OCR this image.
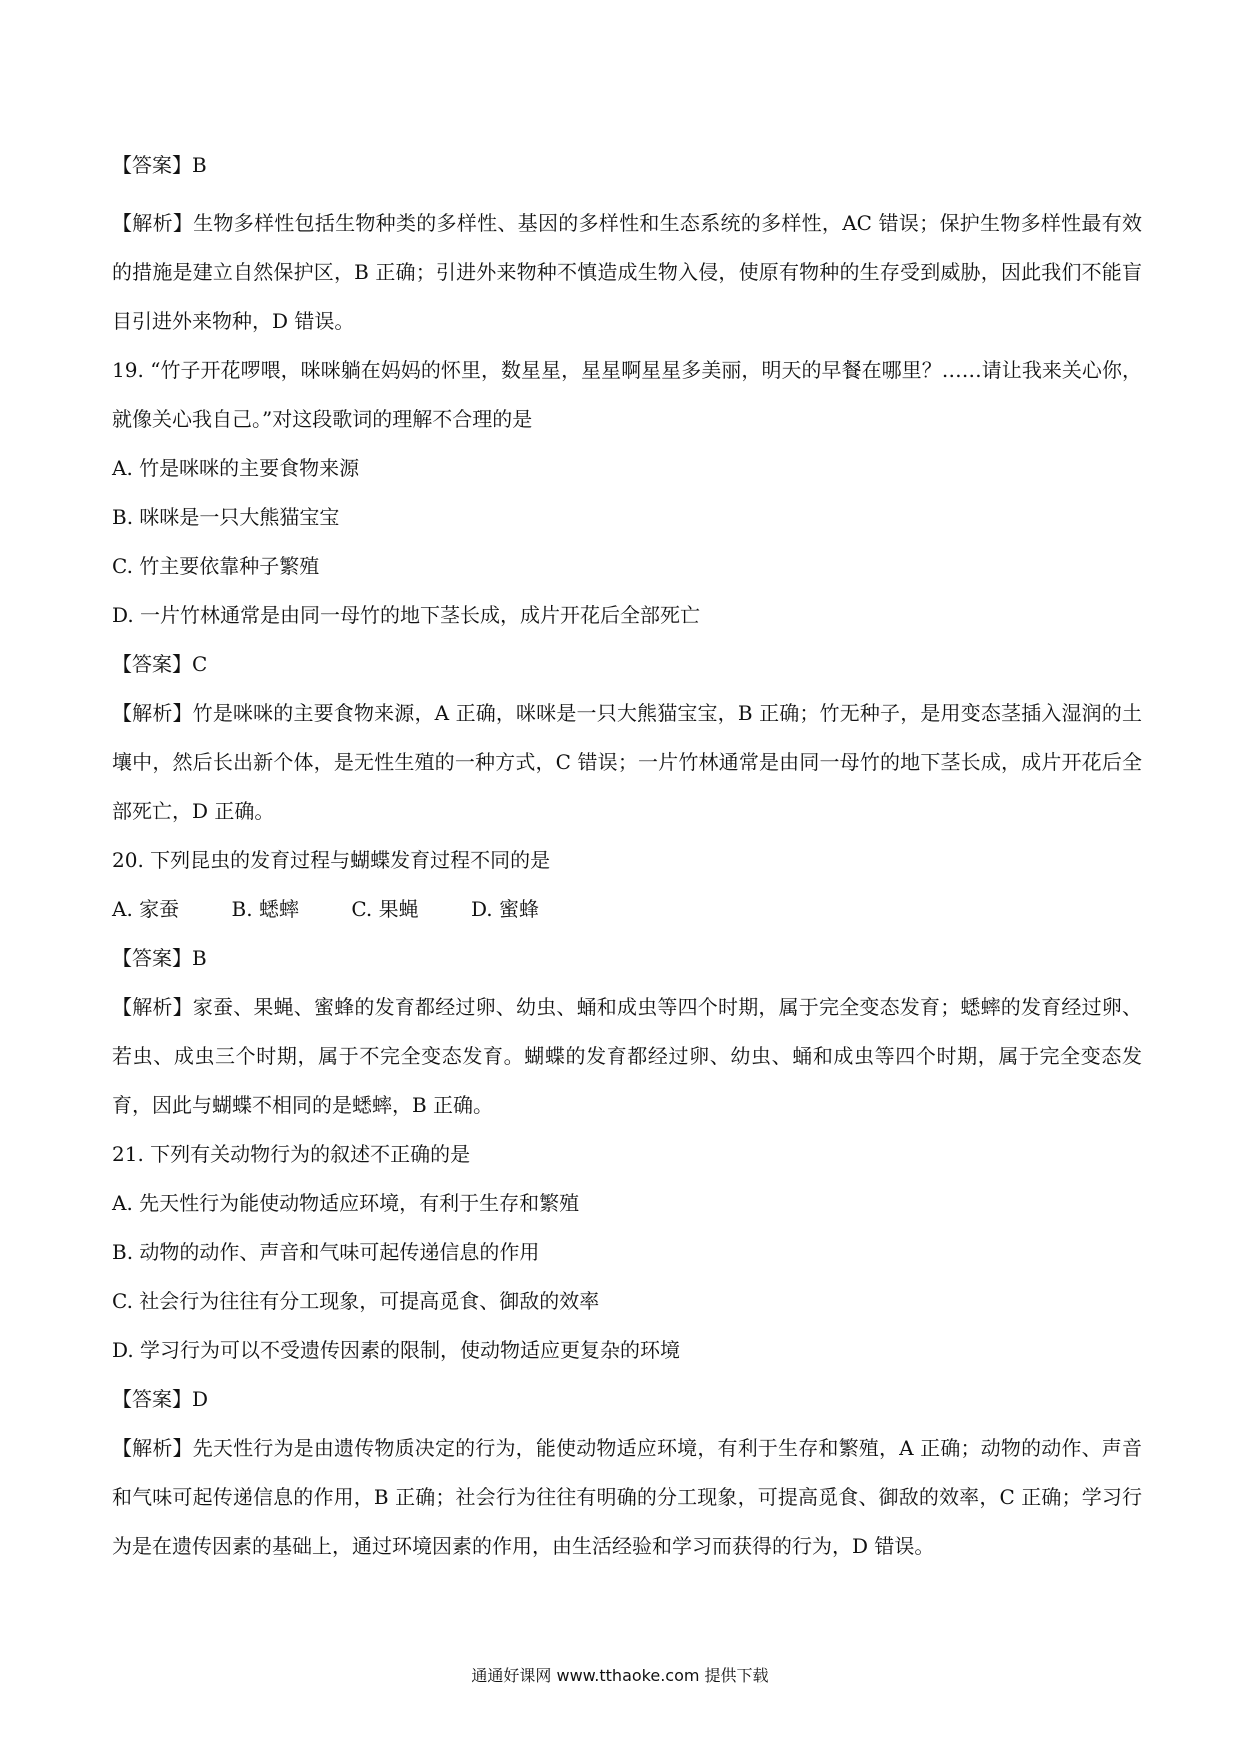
【答案】B

【解析】生物多样性包括生物种类的多样性、基因的多样性和生态系统的多样性，AC 错误；保护生物多样性最有效的措施是建立自然保护区，B 正确；引进外来物种不慎造成生物入侵，使原有物种的生存受到威胁，因此我们不能盲目引进外来物种，D 错误。

19. “竹子开花啰喂，咪咪躺在妈妈的怀里，数星星，星星啊星星多美丽，明天的早餐在哪里？……请让我来关心你，就像关心我自己。”对这段歌词的理解不合理的是

A. 竹是咪咪的主要食物来源

B. 咪咪是一只大熊猫宝宝

C. 竹主要依靠种子繁殖

D. 一片竹林通常是由同一母竹的地下茎长成，成片开花后全部死亡

【答案】C

【解析】竹是咪咪的主要食物来源，A 正确，咪咪是一只大熊猫宝宝，B 正确；竹无种子，是用变态茎插入湿润的土壤中，然后长出新个体，是无性生殖的一种方式，C 错误；一片竹林通常是由同一母竹的地下茎长成，成片开花后全部死亡，D 正确。

20. 下列昆虫的发育过程与蝴蝶发育过程不同的是

A. 家蚕	B. 蟋蟀	C. 果蝇	D. 蜜蜂

【答案】B

【解析】家蚕、果蝇、蜜蜂的发育都经过卵、幼虫、蛹和成虫等四个时期，属于完全变态发育；蟋蟀的发育经过卵、若虫、成虫三个时期，属于不完全变态发育。蝴蝶的发育都经过卵、幼虫、蛹和成虫等四个时期，属于完全变态发育，因此与蝴蝶不相同的是蟋蟀，B 正确。

21. 下列有关动物行为的叙述不正确的是

A. 先天性行为能使动物适应环境，有利于生存和繁殖

B. 动物的动作、声音和气味可起传递信息的作用

C. 社会行为往往有分工现象，可提高觅食、御敌的效率

D. 学习行为可以不受遗传因素的限制，使动物适应更复杂的环境

【答案】D

【解析】先天性行为是由遗传物质决定的行为，能使动物适应环境，有利于生存和繁殖，A 正确；动物的动作、声音和气味可起传递信息的作用，B 正确；社会行为往往有明确的分工现象，可提高觅食、御敌的效率，C 正确；学习行为是在遗传因素的基础上，通过环境因素的作用，由生活经验和学习而获得的行为，D 错误。

通通好课网 www.tthaoke.com 提供下载
